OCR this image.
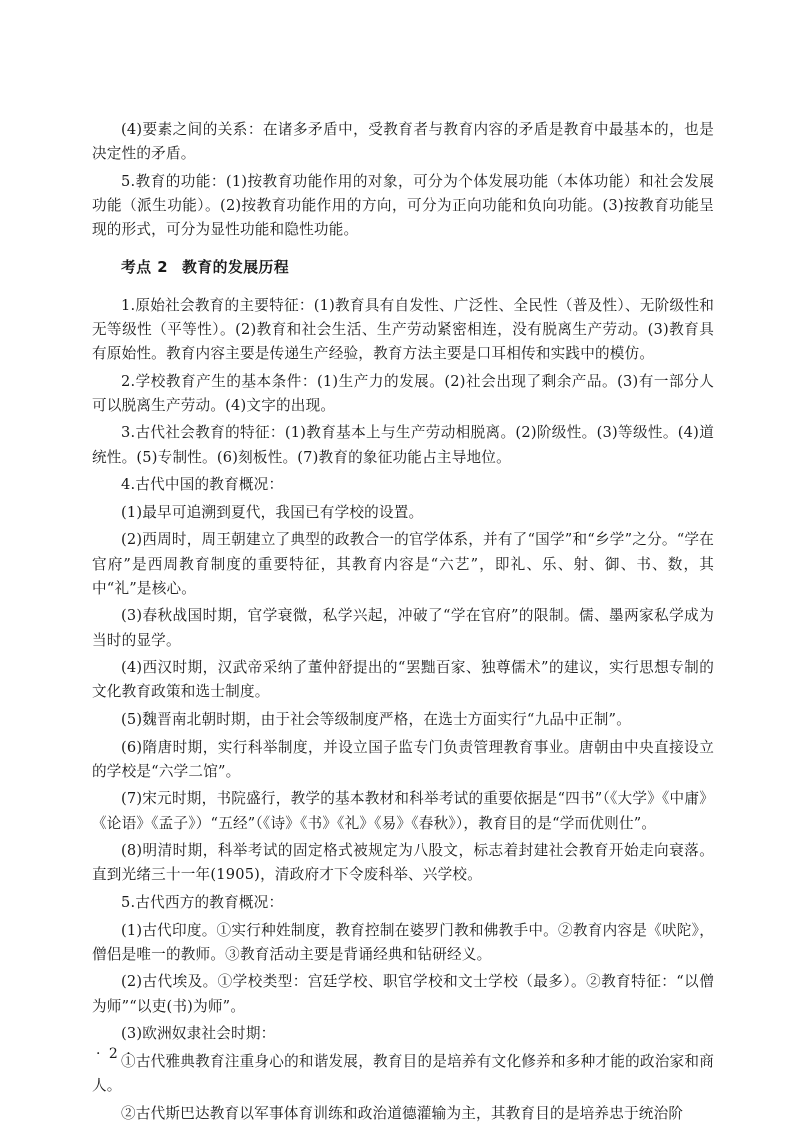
(4)要素之间的关系：在诸多矛盾中，受教育者与教育内容的矛盾是教育中最基本的，也是决定性的矛盾。

5.教育的功能：(1)按教育功能作用的对象，可分为个体发展功能（本体功能）和社会发展功能（派生功能）。(2)按教育功能作用的方向，可分为正向功能和负向功能。(3)按教育功能呈现的形式，可分为显性功能和隐性功能。

考点 2 教育的发展历程

1.原始社会教育的主要特征：(1)教育具有自发性、广泛性、全民性（普及性）、无阶级性和无等级性（平等性）。(2)教育和社会生活、生产劳动紧密相连，没有脱离生产劳动。(3)教育具有原始性。教育内容主要是传递生产经验，教育方法主要是口耳相传和实践中的模仿。

2.学校教育产生的基本条件：(1)生产力的发展。(2)社会出现了剩余产品。(3)有一部分人可以脱离生产劳动。(4)文字的出现。

3.古代社会教育的特征：(1)教育基本上与生产劳动相脱离。(2)阶级性。(3)等级性。(4)道统性。(5)专制性。(6)刻板性。(7)教育的象征功能占主导地位。

4.古代中国的教育概况：

(1)最早可追溯到夏代，我国已有学校的设置。

(2)西周时，周王朝建立了典型的政教合一的官学体系，并有了“国学”和“乡学”之分。“学在官府”是西周教育制度的重要特征，其教育内容是“六艺”，即礼、乐、射、御、书、数，其中“礼”是核心。

(3)春秋战国时期，官学衰微，私学兴起，冲破了“学在官府”的限制。儒、墨两家私学成为当时的显学。

(4)西汉时期，汉武帝采纳了董仲舒提出的“罢黜百家、独尊儒术”的建议，实行思想专制的文化教育政策和选士制度。

(5)魏晋南北朝时期，由于社会等级制度严格，在选士方面实行“九品中正制”。

(6)隋唐时期，实行科举制度，并设立国子监专门负责管理教育事业。唐朝由中央直接设立的学校是“六学二馆”。

(7)宋元时期，书院盛行，教学的基本教材和科举考试的重要依据是“四书”（《大学》《中庸》《论语》《孟子》）“五经”（《诗》《书》《礼》《易》《春秋》），教育目的是“学而优则仕”。

(8)明清时期，科举考试的固定格式被规定为八股文，标志着封建社会教育开始走向衰落。直到光绪三十一年(1905)，清政府才下令废科举、兴学校。

5.古代西方的教育概况：

(1)古代印度。①实行种姓制度，教育控制在婆罗门教和佛教手中。②教育内容是《吠陀》，僧侣是唯一的教师。③教育活动主要是背诵经典和钻研经义。

(2)古代埃及。①学校类型：宫廷学校、职官学校和文士学校（最多）。②教育特征：“以僧为师”“以吏(书)为师”。

(3)欧洲奴隶社会时期：

①古代雅典教育注重身心的和谐发展，教育目的是培养有文化修养和多种才能的政治家和商人。

②古代斯巴达教育以军事体育训练和政治道德灌输为主，其教育目的是培养忠于统治阶

· 2 ·
